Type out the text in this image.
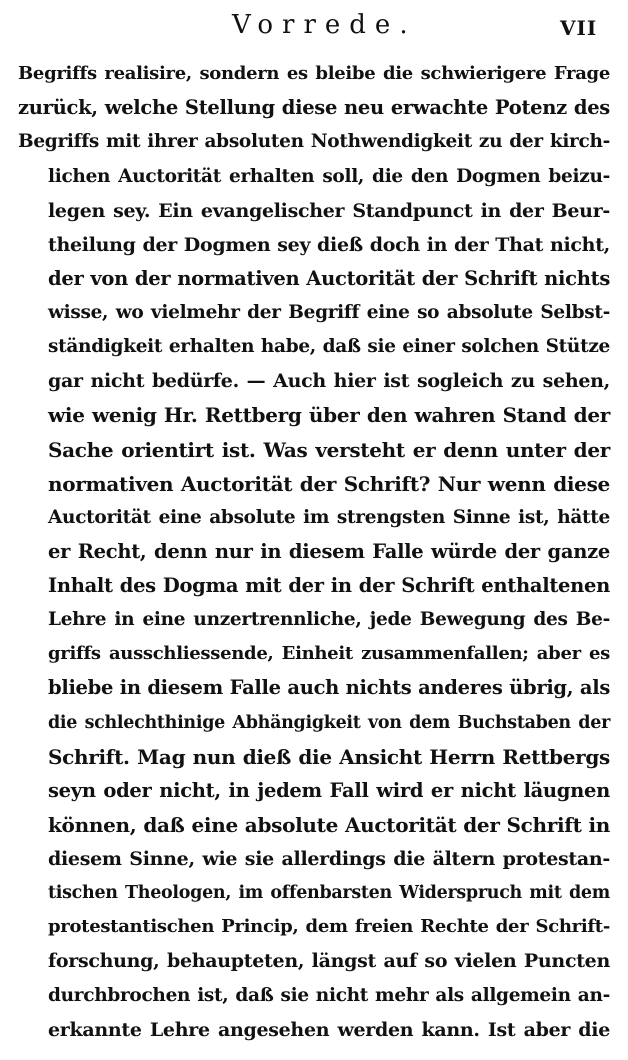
Vorrede.	VII
Begriffs realisire, sondern es bleibe die schwierigere Frage
zurück, welche Stellung diese neu erwachte Potenz des
Begriffs mit ihrer absoluten Nothwendigkeit zu der kirch-
lichen Auctorität erhalten soll, die den Dogmen beizu-
legen sey. Ein evangelischer Standpunct in der Beur-
theilung der Dogmen sey dieß doch in der That nicht,
der von der normativen Auctorität der Schrift nichts
wisse, wo vielmehr der Begriff eine so absolute Selbst-
ständigkeit erhalten habe, daß sie einer solchen Stütze
gar nicht bedürfe. — Auch hier ist sogleich zu sehen,
wie wenig Hr. Rettberg über den wahren Stand der
Sache orientirt ist. Was versteht er denn unter der
normativen Auctorität der Schrift? Nur wenn diese
Auctorität eine absolute im strengsten Sinne ist, hätte
er Recht, denn nur in diesem Falle würde der ganze
Inhalt des Dogma mit der in der Schrift enthaltenen
Lehre in eine unzertrennliche, jede Bewegung des Be-
griffs ausschliessende, Einheit zusammenfallen; aber es
bliebe in diesem Falle auch nichts anderes übrig, als
die schlechthinige Abhängigkeit von dem Buchstaben der
Schrift. Mag nun dieß die Ansicht Herrn Rettbergs
seyn oder nicht, in jedem Fall wird er nicht läugnen
können, daß eine absolute Auctorität der Schrift in
diesem Sinne, wie sie allerdings die ältern protestan-
tischen Theologen, im offenbarsten Widerspruch mit dem
protestantischen Princip, dem freien Rechte der Schrift-
forschung, behaupteten, längst auf so vielen Puncten
durchbrochen ist, daß sie nicht mehr als allgemein an-
erkannte Lehre angesehen werden kann. Ist aber die
